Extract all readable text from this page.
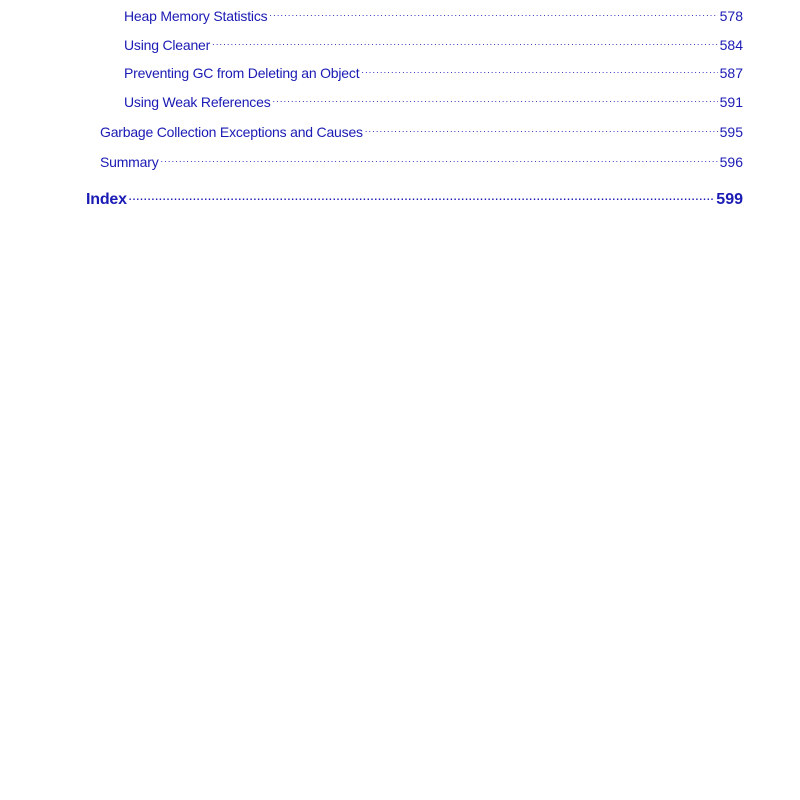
Heap Memory Statistics .....	578
Using Cleaner .....	584
Preventing GC from Deleting an Object .....	587
Using Weak References .....	591
Garbage Collection Exceptions and Causes .....	595
Summary .....	596
Index .....	599
